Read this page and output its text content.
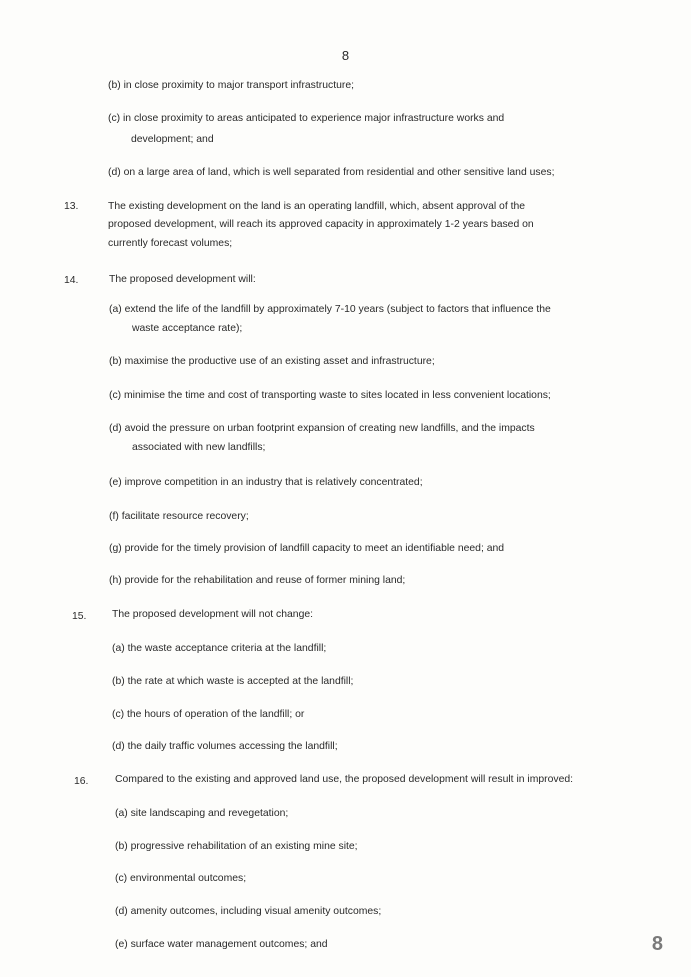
8
(b) in close proximity to major transport infrastructure;
(c) in close proximity to areas anticipated to experience major infrastructure works and
development; and
(d) on a large area of land, which is well separated from residential and other sensitive land uses;
13.	The existing development on the land is an operating landfill, which, absent approval of the
proposed development, will reach its approved capacity in approximately 1-2 years based on
currently forecast volumes;
14.	The proposed development will:
(a) extend the life of the landfill by approximately 7-10 years (subject to factors that influence the
waste acceptance rate);
(b) maximise the productive use of an existing asset and infrastructure;
(c) minimise the time and cost of transporting waste to sites located in less convenient locations;
(d) avoid the pressure on urban footprint expansion of creating new landfills, and the impacts
associated with new landfills;
(e) improve competition in an industry that is relatively concentrated;
(f) facilitate resource recovery;
(g) provide for the timely provision of landfill capacity to meet an identifiable need; and
(h) provide for the rehabilitation and reuse of former mining land;
15. The proposed development will not change:
(a) the waste acceptance criteria at the landfill;
(b) the rate at which waste is accepted at the landfill;
(c) the hours of operation of the landfill; or
(d) the daily traffic volumes accessing the landfill;
16.	Compared to the existing and approved land use, the proposed development will result in improved:
(a) site landscaping and revegetation;
(b) progressive rehabilitation of an existing mine site;
(c) environmental outcomes;
(d) amenity outcomes, including visual amenity outcomes;
(e) surface water management outcomes; and	8
